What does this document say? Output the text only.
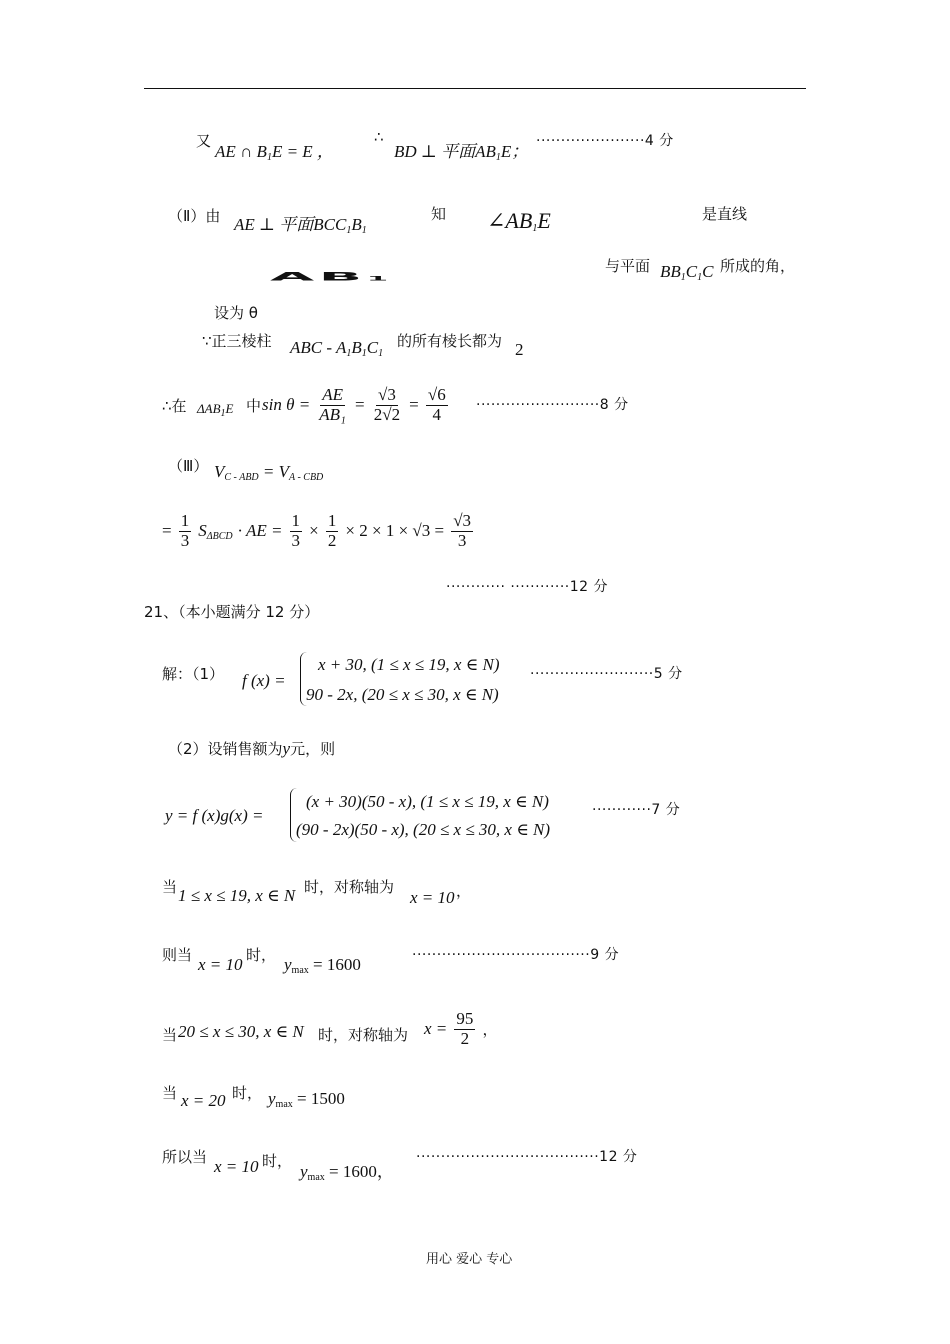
又
AE ∩ $B_1E = E$ ，
∴
BD ⊥ 平面$AB_1E$；
······················4 分
（Ⅱ）由 AE ⊥ 平面$BCC_1B_1$
知 $\angle AB_1E$	是直线
AB1
与平面 $BB_1C_1C$ 所成的角，
设为 θ
∵正三棱柱 ABC - $A_1B_1C_1$
的所有棱长都为 2
∴在 $\Delta AB_1E$ 中 $\sin \theta = \frac{AE}{\text{AB₁}} = \frac{√3}{2√2} = \frac{√6}{4} \cdot\cdot\cdot\cdot\cdot\cdot\cdot\cdot\cdot\cdot\cdot\cdot\cdot\cdot\cdot\cdot\cdot\cdot\cdot\cdot\cdot\cdot\cdot\cdot\cdot 8$ 分
（Ⅲ） $V_{C - ABD} = V_{A - CBD}$
= $\frac{1}{3} S_{\Delta BCD}$ · AE = $\frac{1}{3} \times \frac{1}{2} \times 2 \times 1 \times √3 = \frac{√3}{3}$
············ ············12 分
21、（本小题满分 12 分）
解：（1） f (x) =
x + 30, (1 ≤ x ≤ 19, x ∈ N)
90 - 2x, (20 ≤ x ≤ 30, x ∈ N)
·························5 分
（2）设销售额为y元，则
y = f (x)g(x) =
(x + 30)(50 - x), (1 ≤ x ≤ 19, x ∈ N)
(90 - 2x)(50 - x), (20 ≤ x ≤ 30, x ∈ N)
············7 分
当 1 ≤ x ≤ 19, x ∈ N 时，对称轴为
x = 10 ，
则当 x = 10 时， $y_{max} = 1600$	····································9 分
当 20 ≤ x ≤ 30, x ∈ N 时，对称轴为 $x = \frac{95}{2}$ ，
当 x = 20 时， $y_{max} = 1500$
所以当 x = 10 时，
$y_{max} = 1600$，
·····································12 分
用心 爱心 专心
